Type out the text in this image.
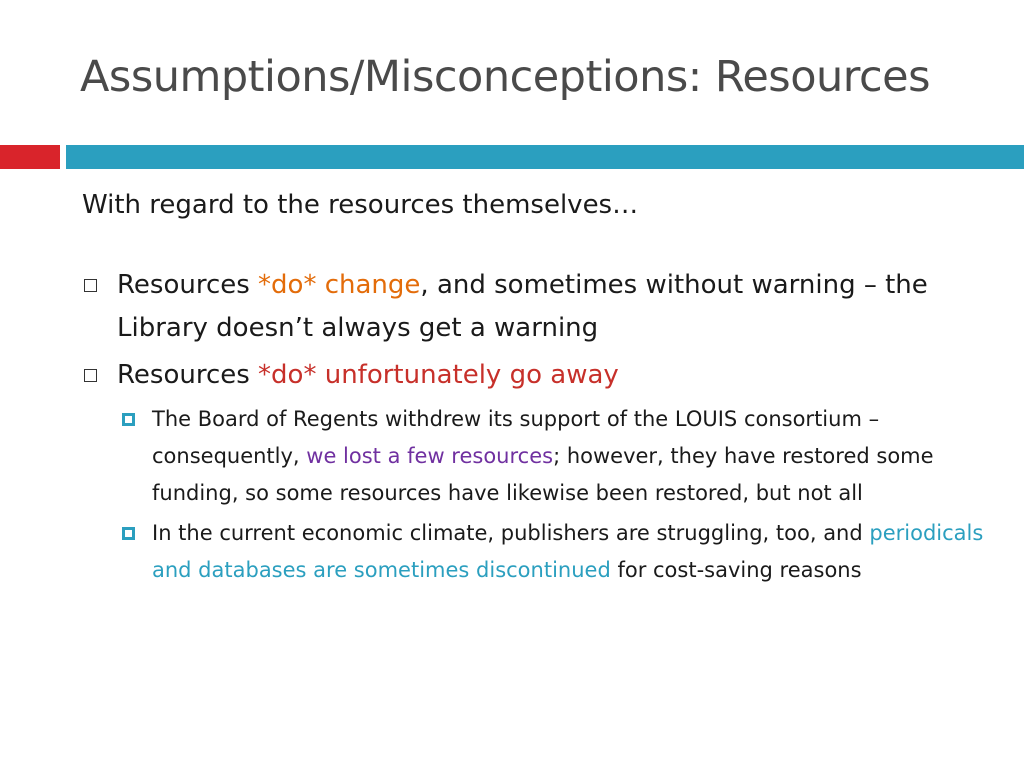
Assumptions/Misconceptions: Resources
With regard to the resources themselves…
Resources *do* change, and sometimes without warning – the Library doesn’t always get a warning
Resources *do* unfortunately go away
The Board of Regents withdrew its support of the LOUIS consortium – consequently, we lost a few resources; however, they have restored some funding, so some resources have likewise been restored, but not all
In the current economic climate, publishers are struggling, too, and periodicals and databases are sometimes discontinued for cost-saving reasons
